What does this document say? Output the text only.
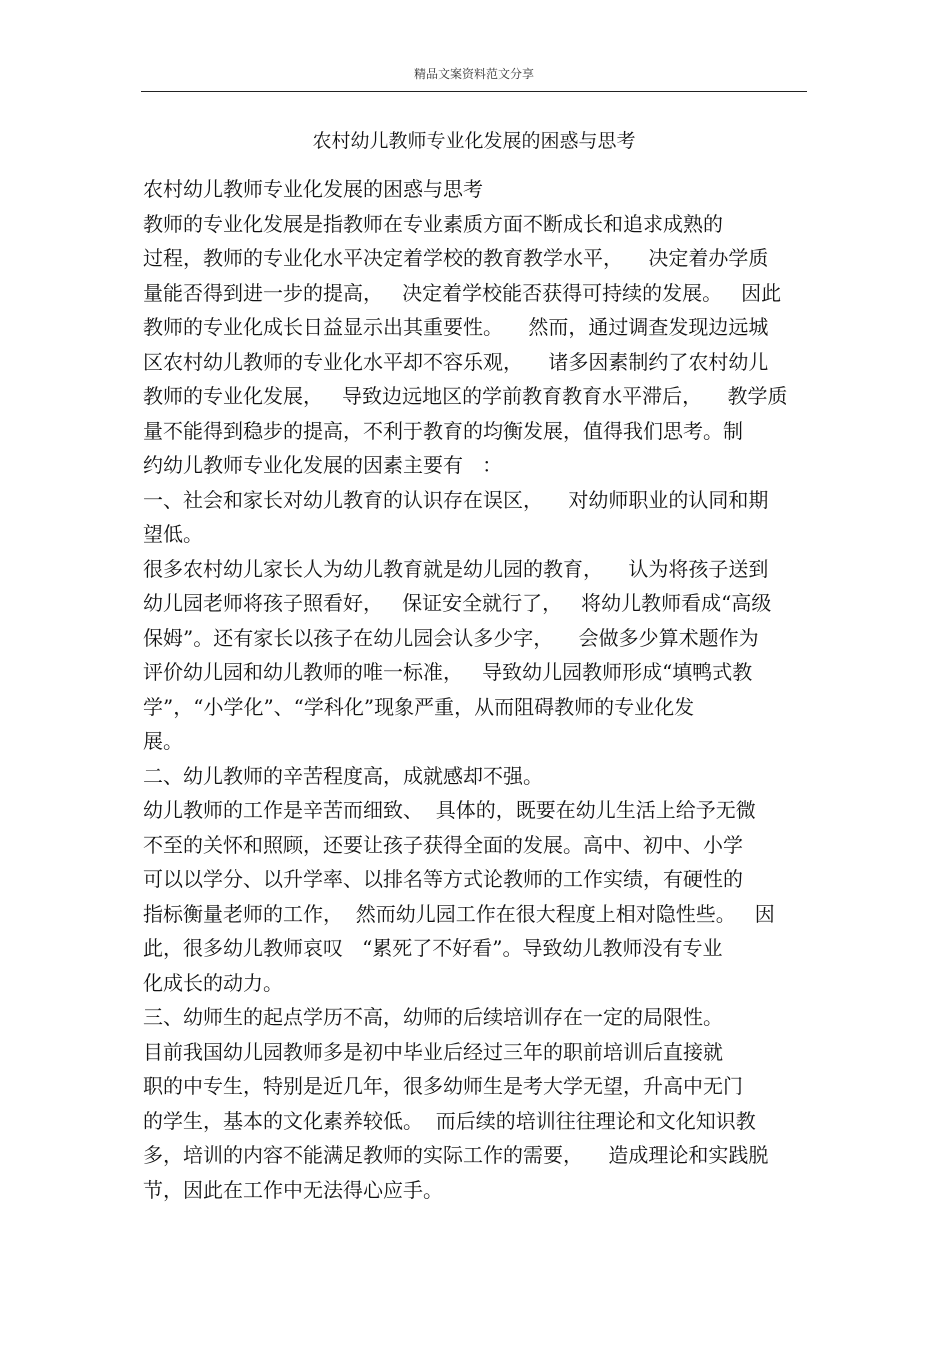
精品文案资料范文分享
农村幼儿教师专业化发展的困惑与思考
农村幼儿教师专业化发展的困惑与思考
教师的专业化发展是指教师在专业素质方面不断成长和追求成熟的
过程，教师的专业化水平决定着学校的教育教学水平，    决定着办学质
量能否得到进一步的提高，   决定着学校能否获得可持续的发展。   因此
教师的专业化成长日益显示出其重要性。    然而，通过调查发现边远城
区农村幼儿教师的专业化水平却不容乐观，    诸多因素制约了农村幼儿
教师的专业化发展，   导致边远地区的学前教育教育水平滞后，    教学质
量不能得到稳步的提高，不利于教育的均衡发展，值得我们思考。制
约幼儿教师专业化发展的因素主要有   ：
一、社会和家长对幼儿教育的认识存在误区，    对幼师职业的认同和期
望低。
很多农村幼儿家长人为幼儿教育就是幼儿园的教育，    认为将孩子送到
幼儿园老师将孩子照看好，   保证安全就行了，   将幼儿教师看成“高级
保姆”。还有家长以孩子在幼儿园会认多少字，    会做多少算术题作为
评价幼儿园和幼儿教师的唯一标准，   导致幼儿园教师形成“填鸭式教
学”，“小学化”、“学科化”现象严重，从而阻碍教师的专业化发
展。
二、幼儿教师的辛苦程度高，成就感却不强。
幼儿教师的工作是辛苦而细致、  具体的，既要在幼儿生活上给予无微
不至的关怀和照顾，还要让孩子获得全面的发展。高中、初中、小学
可以以学分、以升学率、以排名等方式论教师的工作实绩，有硬性的
指标衡量老师的工作，  然而幼儿园工作在很大程度上相对隐性些。   因
此，很多幼儿教师哀叹   “累死了不好看”。导致幼儿教师没有专业
化成长的动力。
三、幼师生的起点学历不高，幼师的后续培训存在一定的局限性。
目前我国幼儿园教师多是初中毕业后经过三年的职前培训后直接就
职的中专生，特别是近几年，很多幼师生是考大学无望，升高中无门
的学生，基本的文化素养较低。  而后续的培训往往理论和文化知识教
多，培训的内容不能满足教师的实际工作的需要，    造成理论和实践脱
节，因此在工作中无法得心应手。
